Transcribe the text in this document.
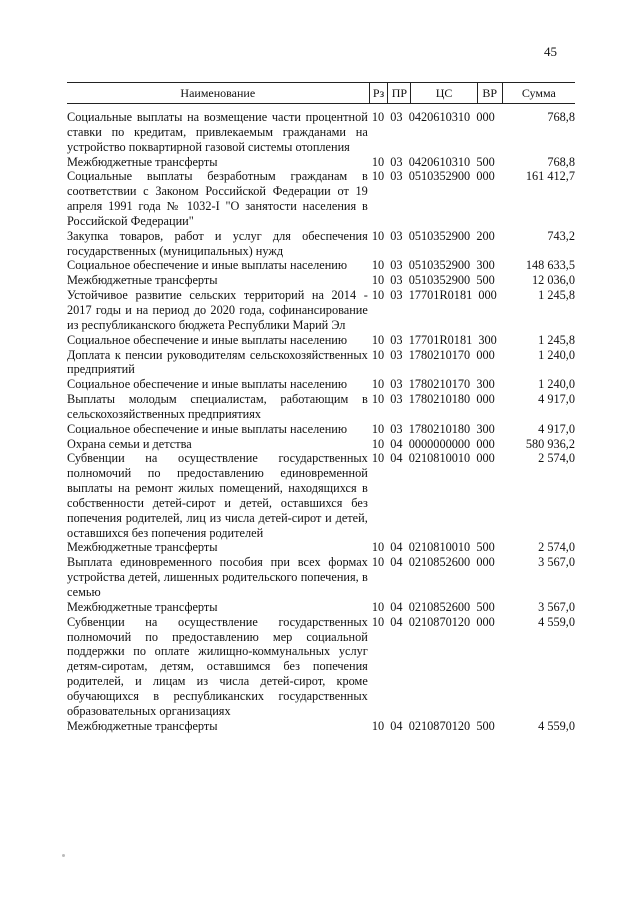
45
Наименование	Рз ПР	ЦС	ВР	Сумма
Социальные выплаты на возмещение части процентной ставки по кредитам, привлекаемым гражданами на устройство поквартирной газовой системы отопления
10  03  0420610310  000	768,8
Межбюджетные трансферты	10  03  0420610310  500	768,8
Социальные выплаты безработным гражданам в соответствии с Законом Российской Федерации от 19 апреля 1991 года № 1032-I "О занятости населения в Российской Федерации"
10  03  0510352900  000	161 412,7
Закупка товаров, работ и услуг для обеспечения государственных (муниципальных) нужд
10  03  0510352900  200	743,2
Социальное обеспечение и иные выплаты населению	10  03  0510352900  300	148 633,5
Межбюджетные трансферты	10  03  0510352900  500	12 036,0
Устойчивое развитие сельских территорий на 2014 - 2017 годы и на период до 2020 года, софинансирование из республиканского бюджета Республики Марий Эл
10  03  17701R0181  000	1 245,8
Социальное обеспечение и иные выплаты населению	10  03  17701R0181  300	1 245,8
Доплата к пенсии руководителям сельскохозяйственных предприятий
10  03  1780210170  000	1 240,0
Социальное обеспечение и иные выплаты населению	10  03  1780210170  300	1 240,0
Выплаты молодым специалистам, работающим в сельскохозяйственных предприятиях
10  03  1780210180  000	4 917,0
Социальное обеспечение и иные выплаты населению	10  03  1780210180  300	4 917,0
Охрана семьи и детства	10  04  0000000000  000	580 936,2
Субвенции на осуществление государственных полномочий по предоставлению единовременной выплаты на ремонт жилых помещений, находящихся в собственности детей-сирот и детей, оставшихся без попечения родителей, лиц из числа детей-сирот и детей, оставшихся без попечения родителей
10  04  0210810010  000	2 574,0
Межбюджетные трансферты	10  04  0210810010  500	2 574,0
Выплата единовременного пособия при всех формах устройства детей, лишенных родительского попечения, в семью
10  04  0210852600  000	3 567,0
Межбюджетные трансферты	10  04  0210852600  500	3 567,0
Субвенции на осуществление государственных полномочий по предоставлению мер социальной поддержки по оплате жилищно-коммунальных услуг детям-сиротам, детям, оставшимся без попечения родителей, и лицам из числа детей-сирот, кроме обучающихся в республиканских государственных образовательных организациях
10  04  0210870120  000	4 559,0
Межбюджетные трансферты	10  04  0210870120  500	4 559,0
